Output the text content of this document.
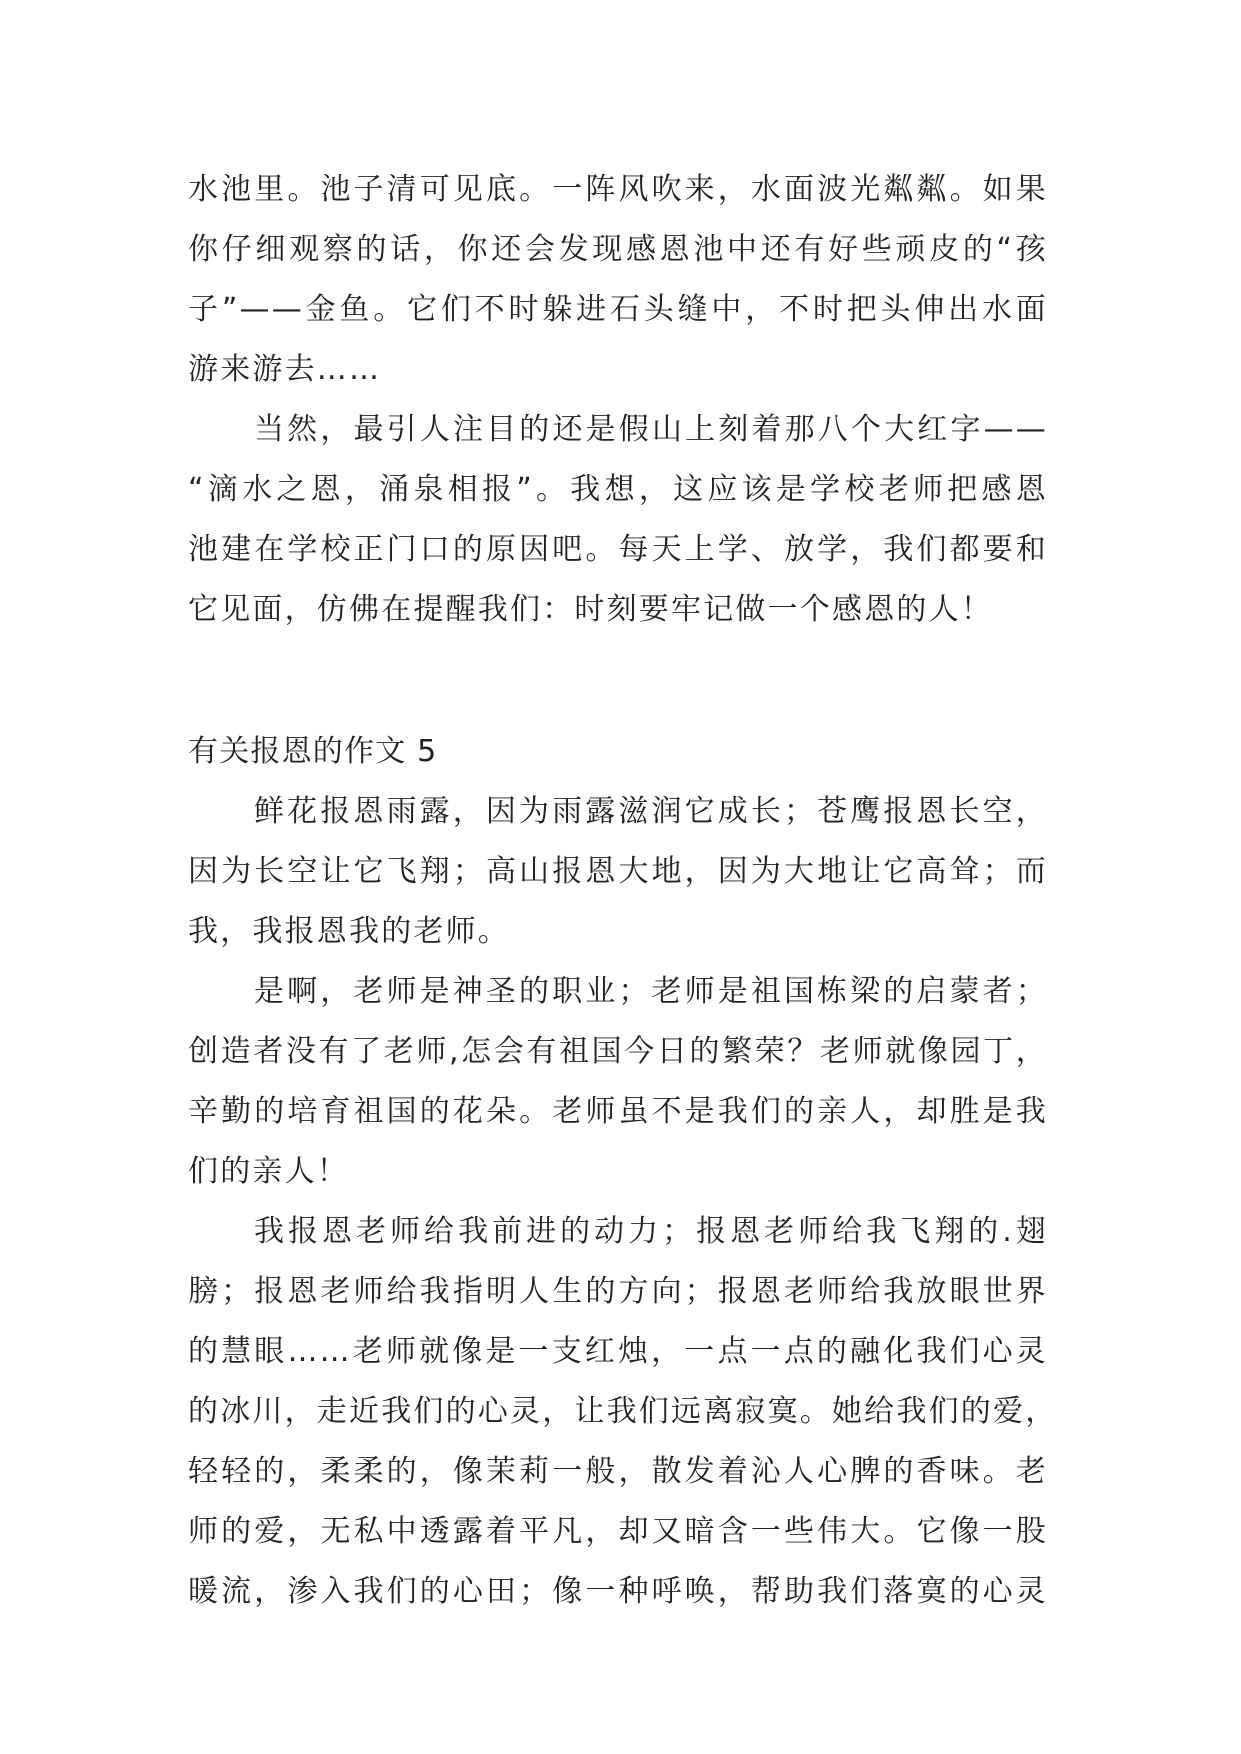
水池里。池子清可见底。一阵风吹来，水面波光粼粼。如果
你仔细观察的话，你还会发现感恩池中还有好些顽皮的“孩
子”——金鱼。它们不时躲进石头缝中，不时把头伸出水面
游来游去……
当然，最引人注目的还是假山上刻着那八个大红字——
“滴水之恩，涌泉相报”。我想，这应该是学校老师把感恩
池建在学校正门口的原因吧。每天上学、放学，我们都要和
它见面，仿佛在提醒我们：时刻要牢记做一个感恩的人！
有关报恩的作文 5
鲜花报恩雨露，因为雨露滋润它成长；苍鹰报恩长空，
因为长空让它飞翔；高山报恩大地，因为大地让它高耸；而
我，我报恩我的老师。
是啊，老师是神圣的职业；老师是祖国栋梁的启蒙者；
创造者没有了老师,怎会有祖国今日的繁荣？老师就像园丁，
辛勤的培育祖国的花朵。老师虽不是我们的亲人，却胜是我
们的亲人！
我报恩老师给我前进的动力；报恩老师给我飞翔的.翅
膀；报恩老师给我指明人生的方向；报恩老师给我放眼世界
的慧眼……老师就像是一支红烛，一点一点的融化我们心灵
的冰川，走近我们的心灵，让我们远离寂寞。她给我们的爱，
轻轻的，柔柔的，像茉莉一般，散发着沁人心脾的香味。老
师的爱，无私中透露着平凡，却又暗含一些伟大。它像一股
暖流，渗入我们的心田；像一种呼唤，帮助我们落寞的心灵
